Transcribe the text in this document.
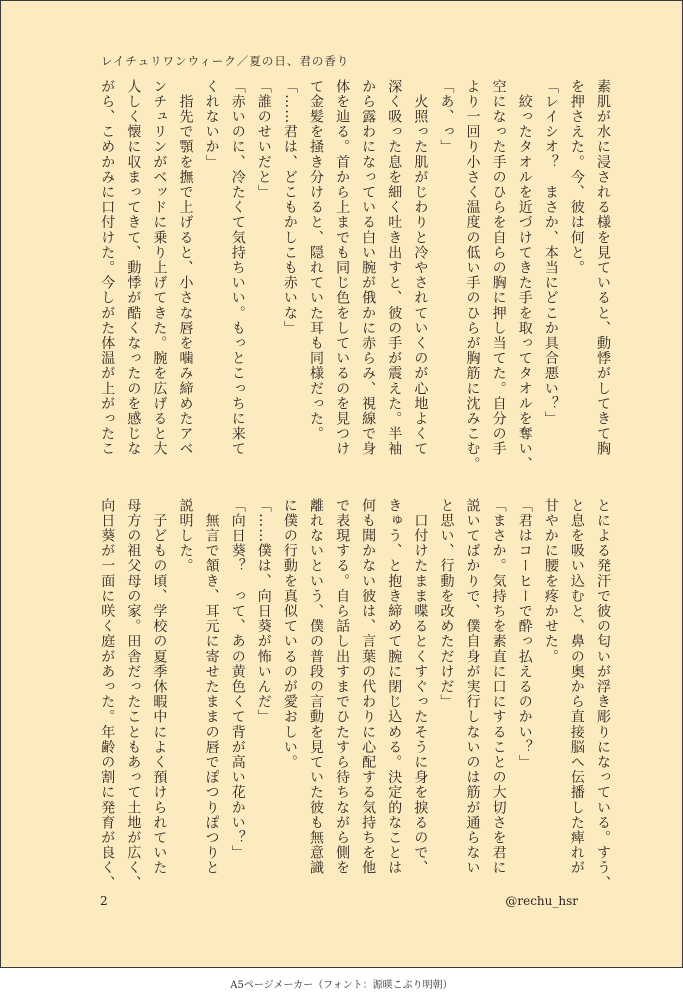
レイチュリワンウィーク／夏の日、君の香り
素肌が水に浸される様を見ていると、動悸がしてきて胸
を押さえた。今、彼は何と。
「レイシオ？　まさか、本当にどこか具合悪い？」
　絞ったタオルを近づけてきた手を取ってタオルを奪い、
空になった手のひらを自らの胸に押し当てた。自分の手
より一回り小さく温度の低い手のひらが胸筋に沈みこむ。
「あ、っ」
　火照った肌がじわりと冷やされていくのが心地よくて
深く吸った息を細く吐き出すと、彼の手が震えた。半袖
から露わになっている白い腕が俄かに赤らみ、視線で身
体を辿る。首から上までも同じ色をしているのを見つけ
て金髪を掻き分けると、隠れていた耳も同様だった。
「……君は、どこもかしこも赤いな」
「誰のせいだと」
「赤いのに、冷たくて気持ちいい。もっとこっちに来て
くれないか」
　指先で顎を撫で上げると、小さな唇を噛み締めたアベ
ンチュリンがベッドに乗り上げてきた。腕を広げると大
人しく懐に収まってきて、動悸が酷くなったのを感じな
がら、こめかみに口付けた。今しがた体温が上がったこ
とによる発汗で彼の匂いが浮き彫りになっている。すう、
と息を吸い込むと、鼻の奥から直接脳へ伝播した痺れが
甘やかに腰を疼かせた。
「君はコーヒーで酔っ払えるのかい？」
「まさか。気持ちを素直に口にすることの大切さを君に
説いてばかりで、僕自身が実行しないのは筋が通らない
と思い、行動を改めただけだ」
　口付けたまま喋るとくすぐったそうに身を捩るので、
きゅう、と抱き締めて腕に閉じ込める。決定的なことは
何も聞かない彼は、言葉の代わりに心配する気持ちを他
で表現する。自ら話し出すまでひたすら待ちながら側を
離れないという、僕の普段の言動を見ていた彼も無意識
に僕の行動を真似ているのが愛おしい。
「……僕は、向日葵が怖いんだ」
「向日葵？　って、あの黄色くて背が高い花かい？」
　無言で頷き、耳元に寄せたままの唇でぽつりぽつりと
説明した。
　子どもの頃、学校の夏季休暇中によく預けられていた
母方の祖父母の家。田舎だったこともあって土地が広く、
向日葵が一面に咲く庭があった。年齢の割に発育が良く、
2	@rechu_hsr
A5ページメーカー（フォント：源暎こぶり明朝）
